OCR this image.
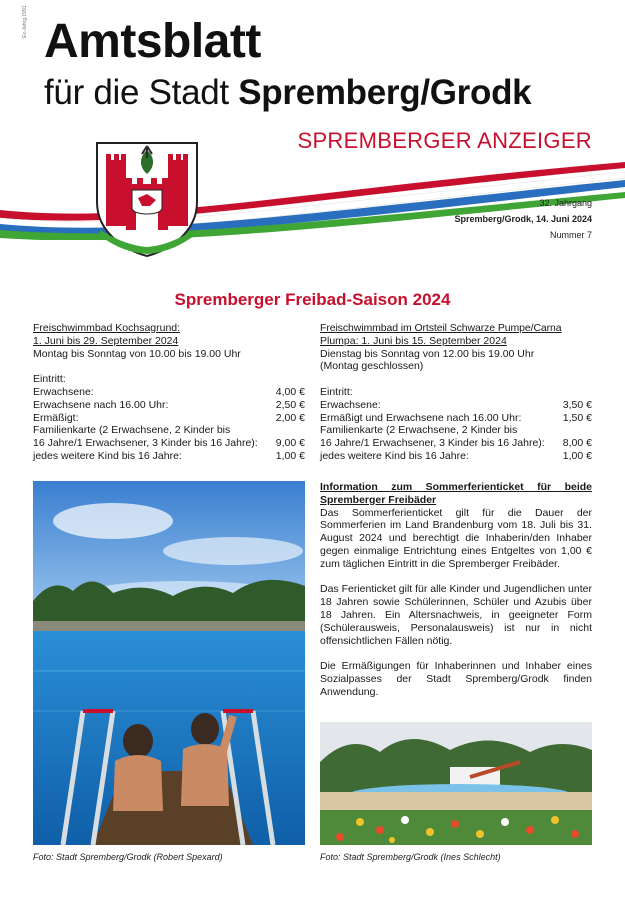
Ex-Jahrg.1991 Amtsblatt
für die Stadt Spremberg/Grodk
SPREMBERGER ANZEIGER
32. Jahrgang
Spremberg/Grodk, 14. Juni 2024
Nummer 7
Spremberger Freibad-Saison 2024
Freischwimmbad Kochsagrund:
1. Juni bis 29. September 2024
Montag bis Sonntag von 10.00 bis 19.00 Uhr
Eintritt:
Erwachsene:	4,00 €
Erwachsene nach 16.00 Uhr:	2,50 €
Ermäßigt:	2,00 €
Familienkarte (2 Erwachsene, 2 Kinder bis
16 Jahre/1 Erwachsener, 3 Kinder bis 16 Jahre): 9,00 €
jedes weitere Kind bis 16 Jahre:	1,00 €
Freischwimmbad im Ortsteil Schwarze Pumpe/Carna
Plumpa: 1. Juni bis 15. September 2024
Dienstag bis Sonntag von 12.00 bis 19.00 Uhr
(Montag geschlossen)
Eintritt:
Erwachsene:	3,50 €
Ermäßigt und Erwachsene nach 16.00 Uhr:	1,50 €
Familienkarte (2 Erwachsene, 2 Kinder bis
16 Jahre/1 Erwachsener, 3 Kinder bis 16 Jahre): 8,00 €
jedes weitere Kind bis 16 Jahre:	1,00 €

Information zum Sommerferienticket für beide Spremberger Freibäder

Das Sommerferienticket gilt für die Dauer der Sommerferien im Land Brandenburg vom 18. Juli bis 31. August 2024 und berechtigt die Inhaberin/den Inhaber gegen einmalige Entrichtung eines Entgeltes von 1,00 € zum täglichen Eintritt in die Spremberger Freibäder.

Das Ferienticket gilt für alle Kinder und Jugendlichen unter 18 Jahren sowie Schülerinnen, Schüler und Azubis über 18 Jahren. Ein Altersnachweis, in geeigneter Form (Schülerausweis, Personalausweis) ist nur in nicht offensichtlichen Fällen nötig.

Die Ermäßigungen für Inhaberinnen und Inhaber eines Sozialpasses der Stadt Spremberg/Grodk finden Anwendung.

Foto: Stadt Spremberg/Grodk (Robert Spexard)	Foto: Stadt Spremberg/Grodk (Ines Schlecht)
